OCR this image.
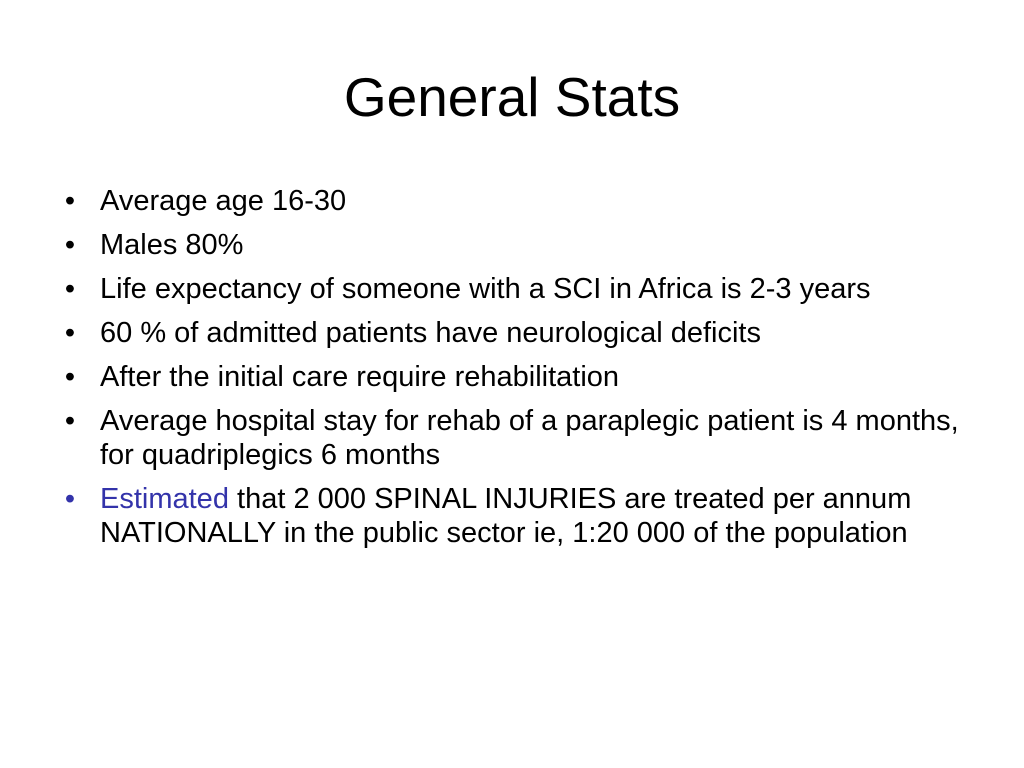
General Stats
• Average age 16-30
• Males 80%
• Life expectancy of someone with a SCI in Africa is 2-3 years
• 60 % of admitted patients have neurological deficits
• After the initial care require rehabilitation
• Average hospital stay for rehab of a paraplegic patient is 4 months, for quadriplegics 6 months
• Estimated that 2 000 SPINAL INJURIES are treated per annum NATIONALLY in the public sector ie, 1:20 000 of the population
